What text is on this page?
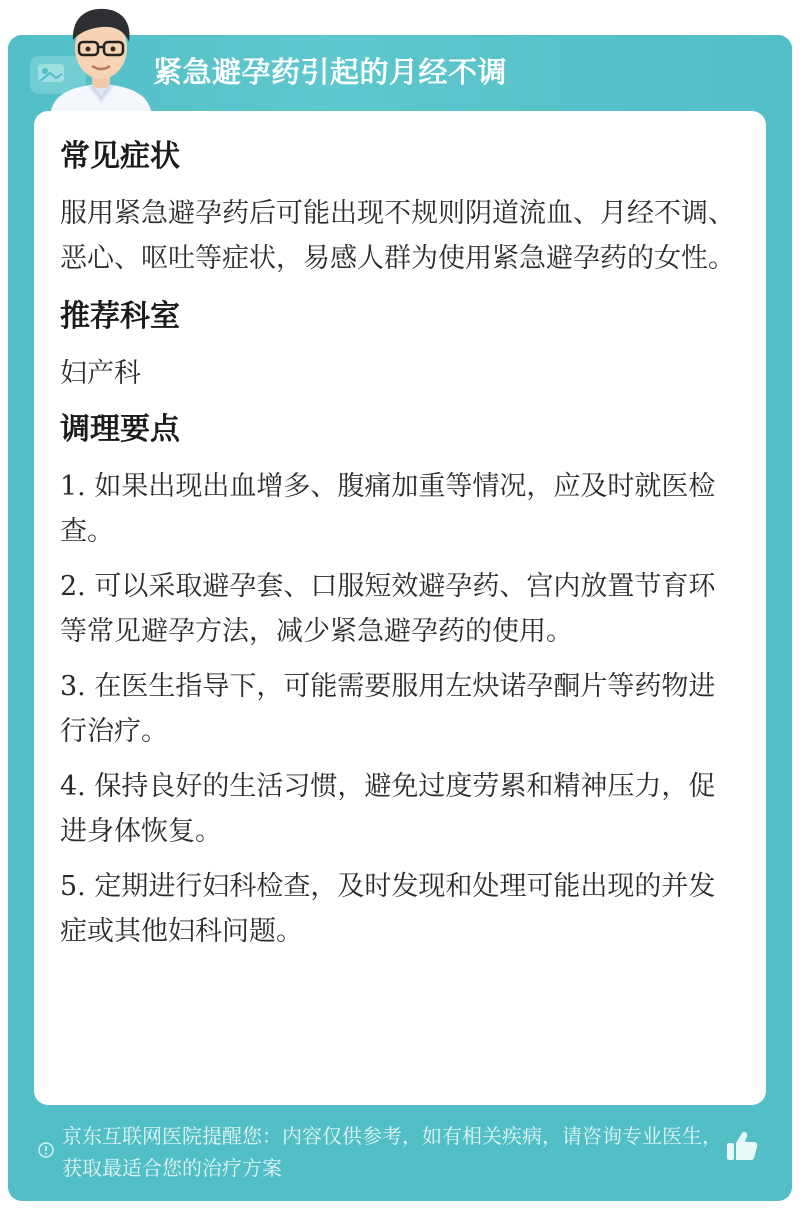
紧急避孕药引起的月经不调
常见症状
服用紧急避孕药后可能出现不规则阴道流血、月经不调、恶心、呕吐等症状，易感人群为使用紧急避孕药的女性。
推荐科室
妇产科
调理要点
1. 如果出现出血增多、腹痛加重等情况，应及时就医检查。
2. 可以采取避孕套、口服短效避孕药、宫内放置节育环等常见避孕方法，减少紧急避孕药的使用。
3. 在医生指导下，可能需要服用左炔诺孕酮片等药物进行治疗。
4. 保持良好的生活习惯，避免过度劳累和精神压力，促进身体恢复。
5. 定期进行妇科检查，及时发现和处理可能出现的并发症或其他妇科问题。
京东互联网医院提醒您：内容仅供参考，如有相关疾病，请咨询专业医生，获取最适合您的治疗方案
